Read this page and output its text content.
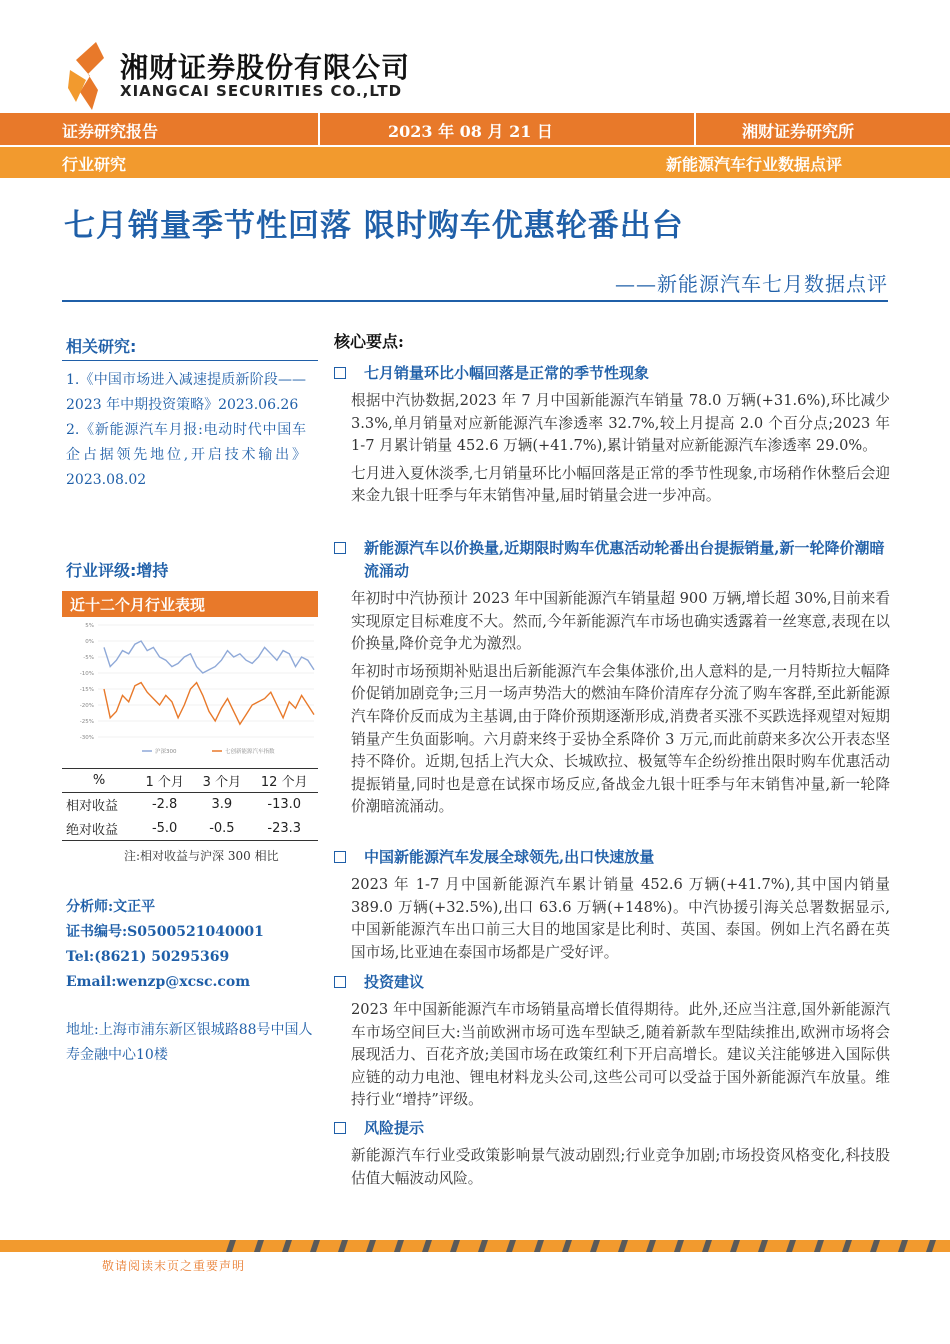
湘财证券股份有限公司
XIANGCAI SECURITIES CO.,LTD
证券研究报告	2023 年 08 月 21 日	湘财证券研究所
行业研究	新能源汽车行业数据点评
七月销量季节性回落 限时购车优惠轮番出台
——新能源汽车七月数据点评
相关研究:

1.《中国市场进入减速提质新阶段——2023 年中期投资策略》2023.06.26

2.《新能源汽车月报:电动时代中国车企占据领先地位,开启技术输出》2023.08.02

行业评级:增持
近十二个月行业表现
5%
0%
-5%
-10%
-15%
-20%
-25%
-30%
沪深300	七创新能源汽车指数
%	1 个月	3 个月	12 个月
相对收益	-2.8	3.9	-13.0
绝对收益	-5.0	-0.5	-23.3
注:相对收益与沪深 300 相比
分析师:文正平
证书编号:S0500521040001
Tel:(8621) 50295369
Email:wenzp@xcsc.com
地址:上海市浦东新区银城路88号中国人寿金融中心10楼
核心要点:
七月销量环比小幅回落是正常的季节性现象
根据中汽协数据,2023 年 7 月中国新能源汽车销量 78.0 万辆(+31.6%),环比减少 3.3%,单月销量对应新能源汽车渗透率 32.7%,较上月提高 2.0 个百分点;2023 年 1-7 月累计销量 452.6 万辆(+41.7%),累计销量对应新能源汽车渗透率 29.0%。
七月进入夏休淡季,七月销量环比小幅回落是正常的季节性现象,市场稍作休整后会迎来金九银十旺季与年末销售冲量,届时销量会进一步冲高。
新能源汽车以价换量,近期限时购车优惠活动轮番出台提振销量,新一轮降价潮暗流涌动
年初时中汽协预计 2023 年中国新能源汽车销量超 900 万辆,增长超 30%,目前来看实现原定目标难度不大。然而,今年新能源汽车市场也确实透露着一丝寒意,表现在以价换量,降价竞争尤为激烈。
年初时市场预期补贴退出后新能源汽车会集体涨价,出人意料的是,一月特斯拉大幅降价促销加剧竞争;三月一场声势浩大的燃油车降价清库存分流了购车客群,至此新能源汽车降价反而成为主基调,由于降价预期逐渐形成,消费者买涨不买跌选择观望对短期销量产生负面影响。六月蔚来终于妥协全系降价 3 万元,而此前蔚来多次公开表态坚持不降价。近期,包括上汽大众、长城欧拉、极氪等车企纷纷推出限时购车优惠活动提振销量,同时也是意在试探市场反应,备战金九银十旺季与年末销售冲量,新一轮降价潮暗流涌动。
中国新能源汽车发展全球领先,出口快速放量
2023 年 1-7 月中国新能源汽车累计销量 452.6 万辆(+41.7%),其中国内销量 389.0 万辆(+32.5%),出口 63.6 万辆(+148%)。中汽协援引海关总署数据显示,中国新能源汽车出口前三大目的地国家是比利时、英国、泰国。例如上汽名爵在英国市场,比亚迪在泰国市场都是广受好评。
投资建议
2023 年中国新能源汽车市场销量高增长值得期待。此外,还应当注意,国外新能源汽车市场空间巨大:当前欧洲市场可选车型缺乏,随着新款车型陆续推出,欧洲市场将会展现活力、百花齐放;美国市场在政策红利下开启高增长。建议关注能够进入国际供应链的动力电池、锂电材料龙头公司,这些公司可以受益于国外新能源汽车放量。维持行业“增持”评级。
风险提示
新能源汽车行业受政策影响景气波动剧烈;行业竞争加剧;市场投资风格变化,科技股估值大幅波动风险。
敬请阅读末页之重要声明
